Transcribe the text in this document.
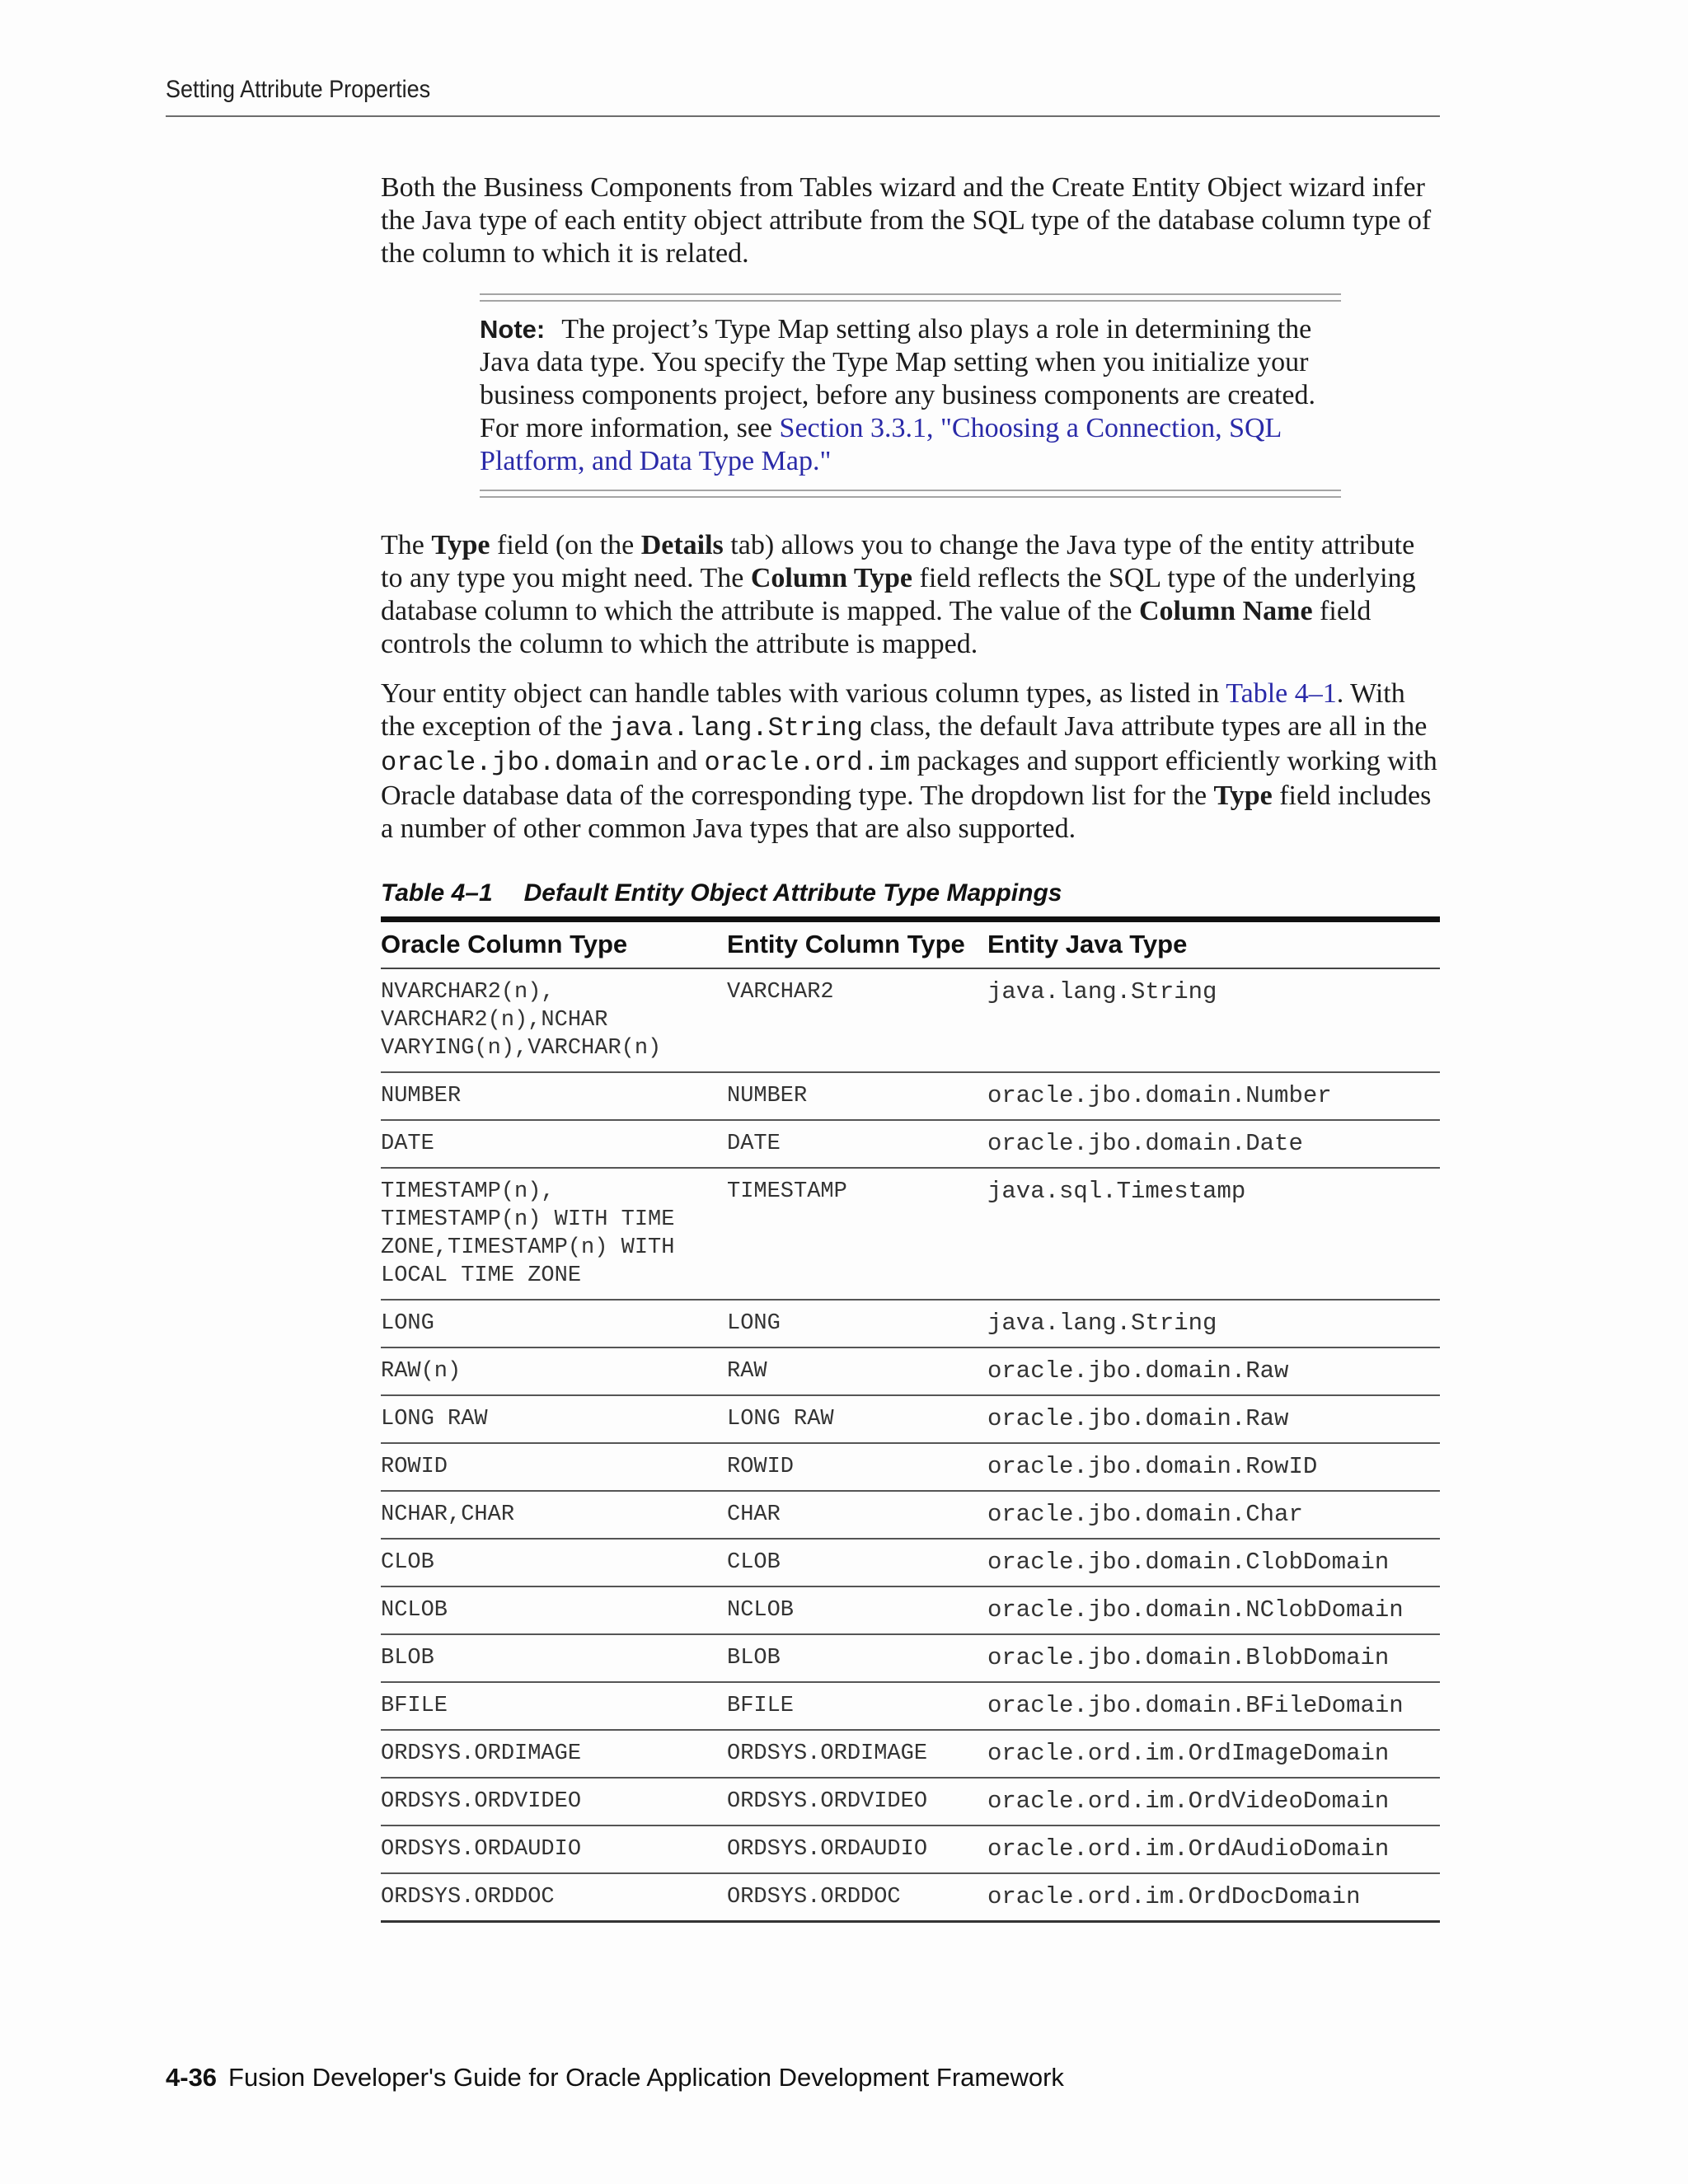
Setting Attribute Properties

Both the Business Components from Tables wizard and the Create Entity Object wizard infer the Java type of each entity object attribute from the SQL type of the database column type of the column to which it is related.

Note: The project’s Type Map setting also plays a role in determining the Java data type. You specify the Type Map setting when you initialize your business components project, before any business components are created. For more information, see Section 3.3.1, "Choosing a Connection, SQL Platform, and Data Type Map."

The Type field (on the Details tab) allows you to change the Java type of the entity attribute to any type you might need. The Column Type field reflects the SQL type of the underlying database column to which the attribute is mapped. The value of the Column Name field controls the column to which the attribute is mapped.

Your entity object can handle tables with various column types, as listed in Table 4–1. With the exception of the java.lang.String class, the default Java attribute types are all in the oracle.jbo.domain and oracle.ord.im packages and support efficiently working with Oracle database data of the corresponding type. The dropdown list for the Type field includes a number of other common Java types that are also supported.

Table 4–1 Default Entity Object Attribute Type Mappings
Oracle Column Type	Entity Column Type	Entity Java Type
NVARCHAR2(n),
VARCHAR2(n),NCHAR
VARYING(n),VARCHAR(n)	VARCHAR2	java.lang.String
NUMBER	NUMBER	oracle.jbo.domain.Number
DATE	DATE	oracle.jbo.domain.Date
TIMESTAMP(n),
TIMESTAMP(n) WITH TIME
ZONE,TIMESTAMP(n) WITH
LOCAL TIME ZONE	TIMESTAMP	java.sql.Timestamp
LONG	LONG	java.lang.String
RAW(n)	RAW	oracle.jbo.domain.Raw
LONG RAW	LONG RAW	oracle.jbo.domain.Raw
ROWID	ROWID	oracle.jbo.domain.RowID
NCHAR,CHAR	CHAR	oracle.jbo.domain.Char
CLOB	CLOB	oracle.jbo.domain.ClobDomain
NCLOB	NCLOB	oracle.jbo.domain.NClobDomain
BLOB	BLOB	oracle.jbo.domain.BlobDomain
BFILE	BFILE	oracle.jbo.domain.BFileDomain
ORDSYS.ORDIMAGE	ORDSYS.ORDIMAGE	oracle.ord.im.OrdImageDomain
ORDSYS.ORDVIDEO	ORDSYS.ORDVIDEO	oracle.ord.im.OrdVideoDomain
ORDSYS.ORDAUDIO	ORDSYS.ORDAUDIO	oracle.ord.im.OrdAudioDomain
ORDSYS.ORDDOC	ORDSYS.ORDDOC	oracle.ord.im.OrdDocDomain
4-36 Fusion Developer's Guide for Oracle Application Development Framework
